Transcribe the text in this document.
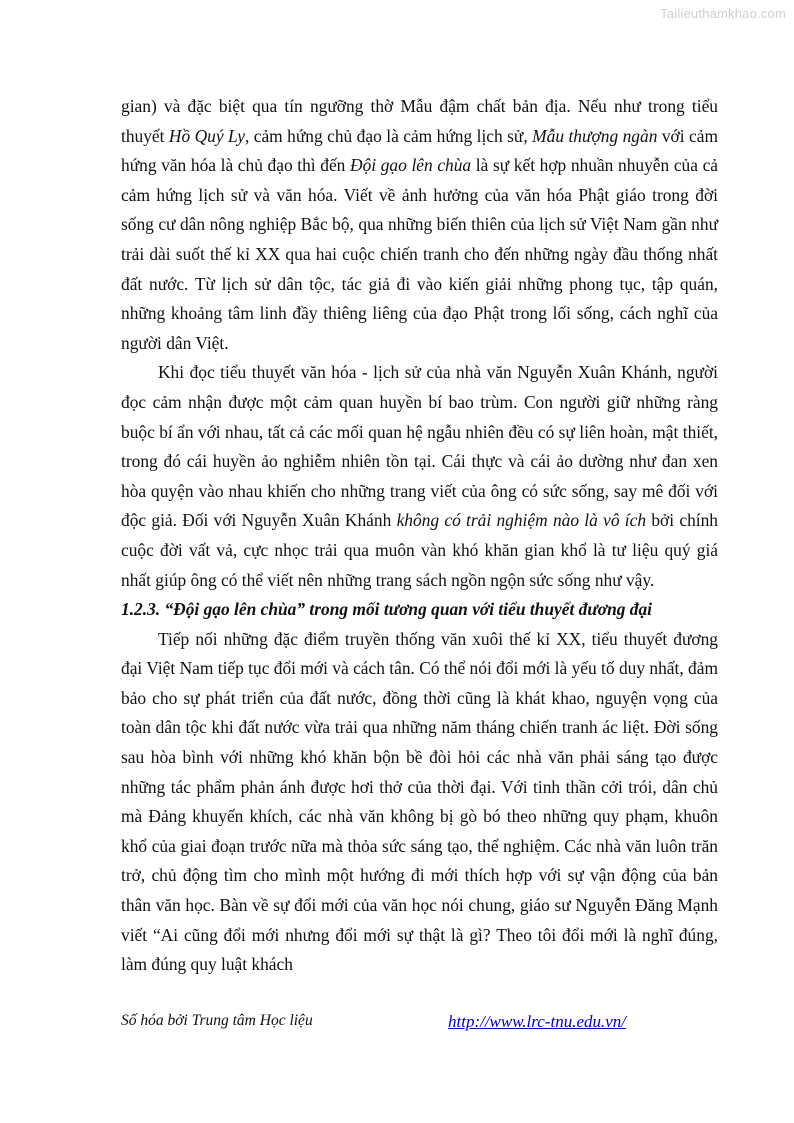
Tailieuthamkhao.com

gian) và đặc biệt qua tín ngưỡng thờ Mẫu đậm chất bản địa. Nếu như trong tiểu thuyết Hồ Quý Ly, cảm hứng chủ đạo là cảm hứng lịch sử, Mẫu thượng ngàn với cảm hứng văn hóa là chủ đạo thì đến Đội gạo lên chùa là sự kết hợp nhuần nhuyễn của cả cảm hứng lịch sử và văn hóa. Viết về ảnh hưởng của văn hóa Phật giáo trong đời sống cư dân nông nghiệp Bắc bộ, qua những biến thiên của lịch sử Việt Nam gần như trải dài suốt thế kỉ XX qua hai cuộc chiến tranh cho đến những ngày đầu thống nhất đất nước. Từ lịch sử dân tộc, tác giả đi vào kiến giải những phong tục, tập quán, những khoảng tâm linh đầy thiêng liêng của đạo Phật trong lối sống, cách nghĩ của người dân Việt.

Khi đọc tiểu thuyết văn hóa - lịch sử của nhà văn Nguyễn Xuân Khánh, người đọc cảm nhận được một cảm quan huyền bí bao trùm. Con người giữ những ràng buộc bí ẩn với nhau, tất cả các mối quan hệ ngẫu nhiên đều có sự liên hoàn, mật thiết, trong đó cái huyền ảo nghiễm nhiên tồn tại. Cái thực và cái ảo dường như đan xen hòa quyện vào nhau khiến cho những trang viết của ông có sức sống, say mê đối với độc giả. Đối với Nguyễn Xuân Khánh không có trải nghiệm nào là vô ích bởi chính cuộc đời vất vả, cực nhọc trải qua muôn vàn khó khăn gian khổ là tư liệu quý giá nhất giúp ông có thể viết nên những trang sách ngồn ngộn sức sống như vậy.

1.2.3. “Đội gạo lên chùa” trong mối tương quan với tiểu thuyết đương đại

Tiếp nối những đặc điểm truyền thống văn xuôi thế kỉ XX, tiểu thuyết đương đại Việt Nam tiếp tục đổi mới và cách tân. Có thể nói đổi mới là yếu tố duy nhất, đảm bảo cho sự phát triển của đất nước, đồng thời cũng là khát khao, nguyện vọng của toàn dân tộc khi đất nước vừa trải qua những năm tháng chiến tranh ác liệt. Đời sống sau hòa bình với những khó khăn bộn bề đòi hỏi các nhà văn phải sáng tạo được những tác phẩm phản ánh được hơi thở của thời đại. Với tinh thần cởi trói, dân chủ mà Đảng khuyến khích, các nhà văn không bị gò bó theo những quy phạm, khuôn khổ của giai đoạn trước nữa mà thỏa sức sáng tạo, thể nghiệm. Các nhà văn luôn trăn trở, chủ động tìm cho mình một hướng đi mới thích hợp với sự vận động của bản thân văn học. Bàn về sự đổi mới của văn học nói chung, giáo sư Nguyễn Đăng Mạnh viết “Ai cũng đổi mới nhưng đổi mới sự thật là gì? Theo tôi đổi mới là nghĩ đúng, làm đúng quy luật khách

Số hóa bởi Trung tâm Học liệu	http://www.lrc-tnu.edu.vn/
